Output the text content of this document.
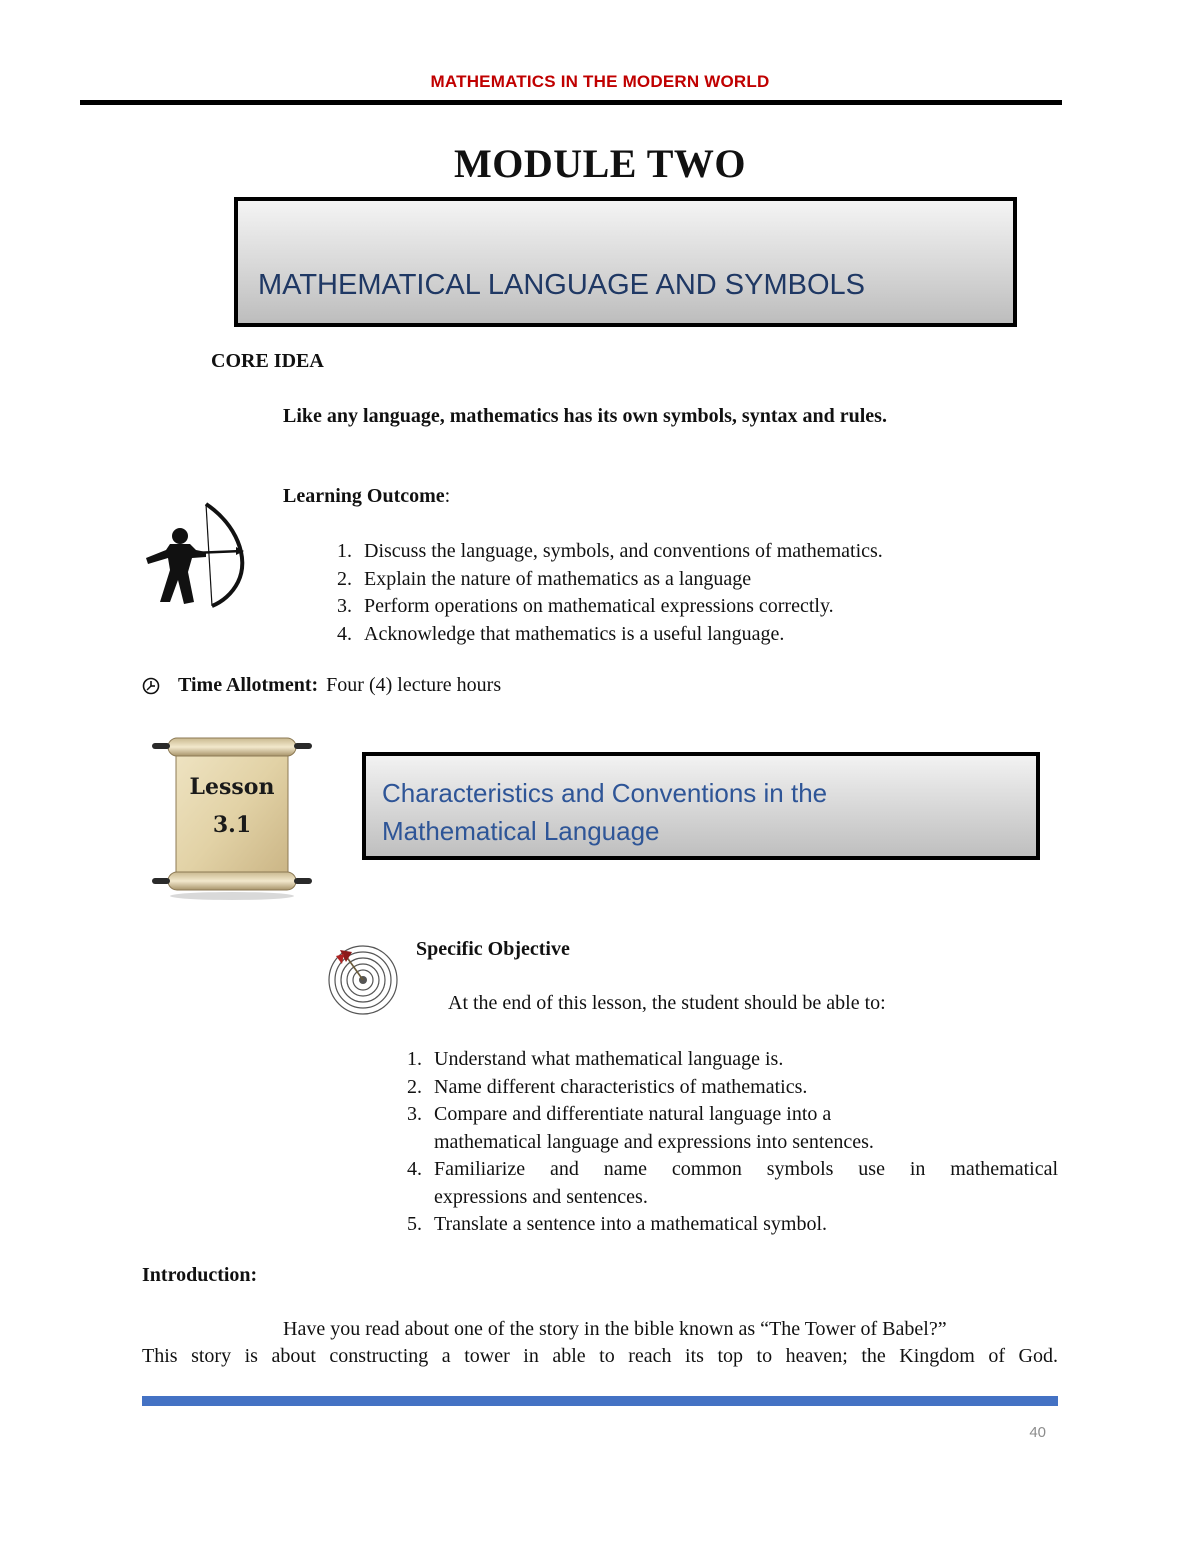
MATHEMATICS IN THE MODERN WORLD
MODULE TWO
MATHEMATICAL LANGUAGE AND SYMBOLS
CORE IDEA
Like any language, mathematics has its own symbols, syntax and rules.
Learning Outcome:
1. Discuss the language, symbols, and conventions of mathematics.
2. Explain the nature of mathematics as a language
3. Perform operations on mathematical expressions correctly.
4. Acknowledge that mathematics is a useful language.
Time Allotment: Four (4) lecture hours
Lesson
3.1
Characteristics and Conventions in the
Mathematical Language
Specific Objective
At the end of this lesson, the student should be able to:
1. Understand what mathematical language is.
2. Name different characteristics of mathematics.
3. Compare and differentiate natural language into a
mathematical language and expressions into sentences.
4. Familiarize and name common symbols use in mathematical
expressions and sentences.
5. Translate a sentence into a mathematical symbol.
Introduction:
Have you read about one of the story in the bible known as “The Tower of Babel?”
This story is about constructing a tower in able to reach its top to heaven; the Kingdom of God.
40
